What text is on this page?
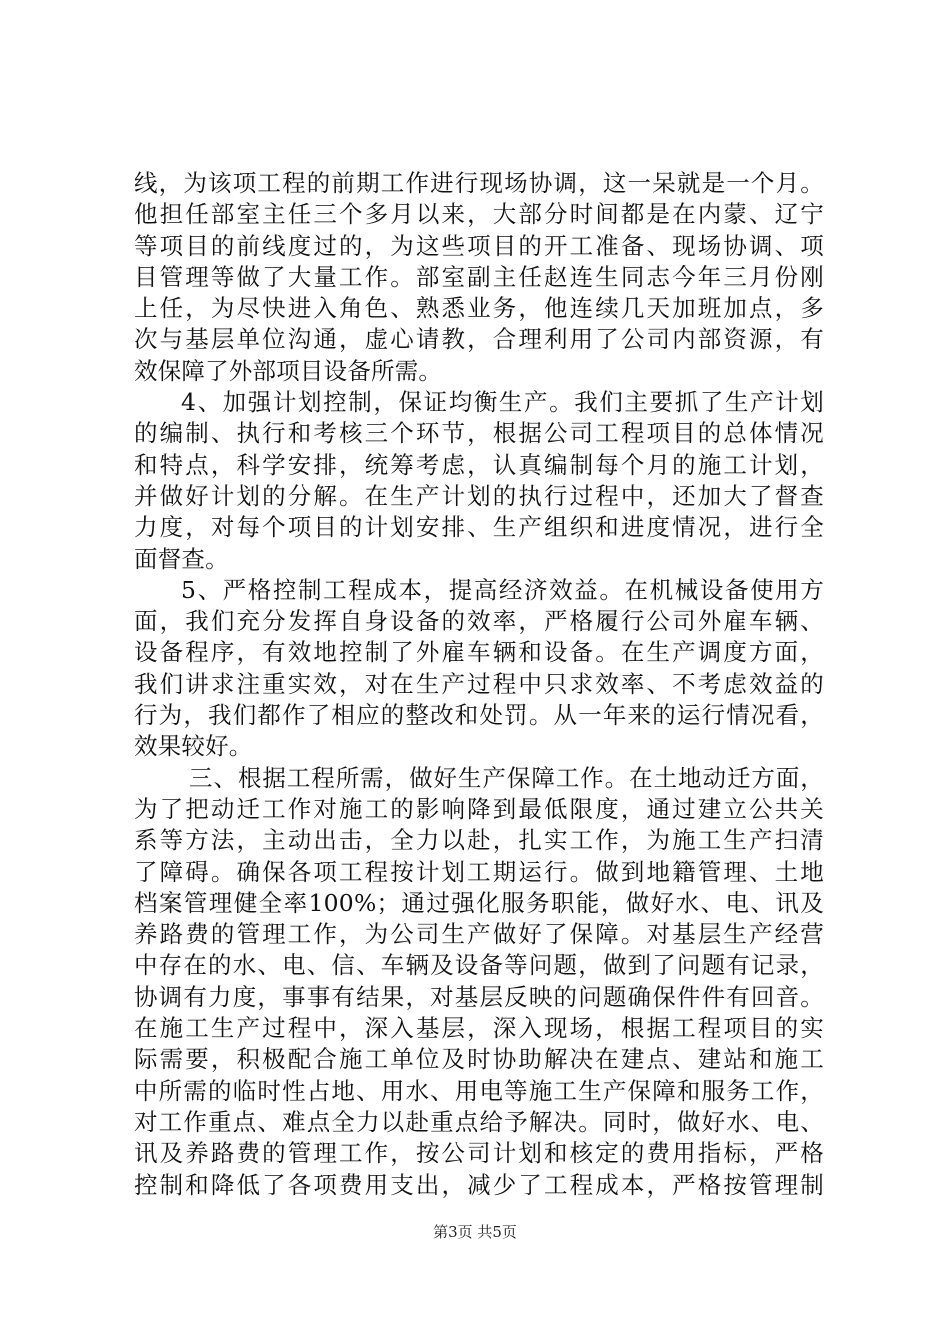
线，为该项工程的前期工作进行现场协调，这一呆就是一个月。
他担任部室主任三个多月以来，大部分时间都是在内蒙、辽宁
等项目的前线度过的，为这些项目的开工准备、现场协调、项
目管理等做了大量工作。部室副主任赵连生同志今年三月份刚
上任，为尽快进入角色、熟悉业务，他连续几天加班加点，多
次与基层单位沟通，虚心请教，合理利用了公司内部资源，有
效保障了外部项目设备所需。
4、加强计划控制，保证均衡生产。我们主要抓了生产计划
的编制、执行和考核三个环节，根据公司工程项目的总体情况
和特点，科学安排，统筹考虑，认真编制每个月的施工计划，
并做好计划的分解。在生产计划的执行过程中，还加大了督查
力度，对每个项目的计划安排、生产组织和进度情况，进行全
面督查。
5、严格控制工程成本，提高经济效益。在机械设备使用方
面，我们充分发挥自身设备的效率，严格履行公司外雇车辆、
设备程序，有效地控制了外雇车辆和设备。在生产调度方面，
我们讲求注重实效，对在生产过程中只求效率、不考虑效益的
行为，我们都作了相应的整改和处罚。从一年来的运行情况看，
效果较好。
三、根据工程所需，做好生产保障工作。在土地动迁方面，
为了把动迁工作对施工的影响降到最低限度，通过建立公共关
系等方法，主动出击，全力以赴，扎实工作，为施工生产扫清
了障碍。确保各项工程按计划工期运行。做到地籍管理、土地
档案管理健全率100%；通过强化服务职能，做好水、电、讯及
养路费的管理工作，为公司生产做好了保障。对基层生产经营
中存在的水、电、信、车辆及设备等问题，做到了问题有记录，
协调有力度，事事有结果，对基层反映的问题确保件件有回音。
在施工生产过程中，深入基层，深入现场，根据工程项目的实
际需要，积极配合施工单位及时协助解决在建点、建站和施工
中所需的临时性占地、用水、用电等施工生产保障和服务工作，
对工作重点、难点全力以赴重点给予解决。同时，做好水、电、
讯及养路费的管理工作，按公司计划和核定的费用指标，严格
控制和降低了各项费用支出，减少了工程成本，严格按管理制
第3页 共5页
